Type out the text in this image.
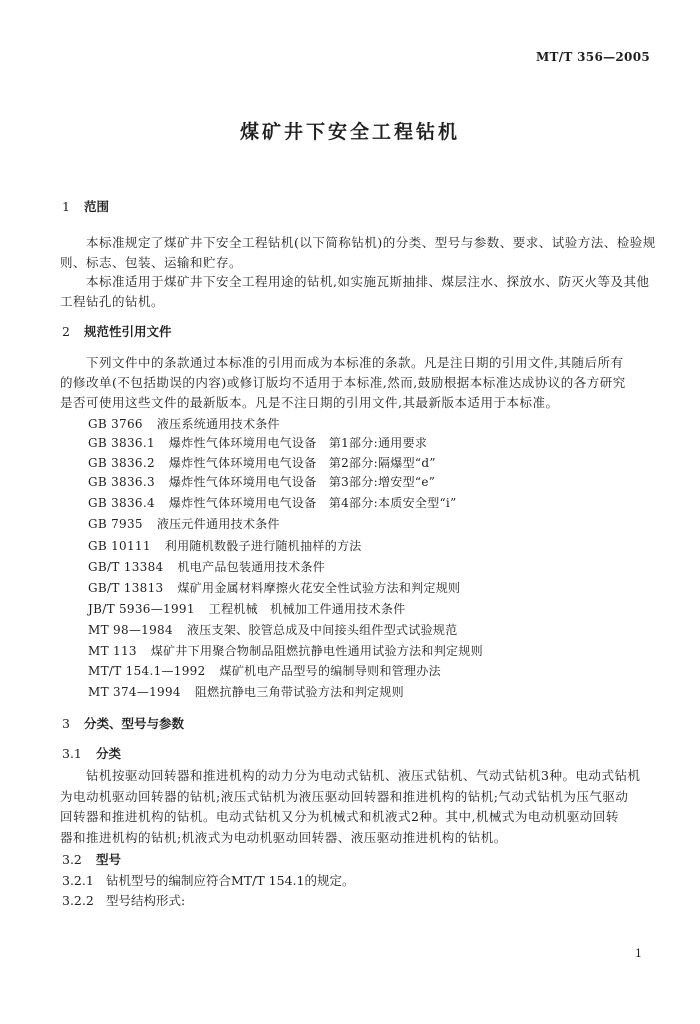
MT/T 356—2005
煤矿井下安全工程钻机
1 范围
本标准规定了煤矿井下安全工程钻机(以下简称钻机)的分类、型号与参数、要求、试验方法、检验规
则、标志、包装、运输和贮存。
本标准适用于煤矿井下安全工程用途的钻机,如实施瓦斯抽排、煤层注水、探放水、防灭火等及其他
工程钻孔的钻机。
2 规范性引用文件
下列文件中的条款通过本标准的引用而成为本标准的条款。凡是注日期的引用文件,其随后所有
的修改单(不包括勘误的内容)或修订版均不适用于本标准,然而,鼓励根据本标准达成协议的各方研究
是否可使用这些文件的最新版本。凡是不注日期的引用文件,其最新版本适用于本标准。
GB 3766 液压系统通用技术条件
GB 3836.1 爆炸性气体环境用电气设备　第1部分:通用要求
GB 3836.2 爆炸性气体环境用电气设备　第2部分:隔爆型“d”
GB 3836.3 爆炸性气体环境用电气设备　第3部分:增安型“e”
GB 3836.4 爆炸性气体环境用电气设备　第4部分:本质安全型“i”
GB 7935 液压元件通用技术条件
GB 10111 利用随机数骰子进行随机抽样的方法
GB/T 13384 机电产品包装通用技术条件
GB/T 13813 煤矿用金属材料摩擦火花安全性试验方法和判定规则
JB/T 5936—1991 工程机械　机械加工件通用技术条件
MT 98—1984 液压支架、胶管总成及中间接头组件型式试验规范
MT 113 煤矿井下用聚合物制品阻燃抗静电性通用试验方法和判定规则
MT/T 154.1—1992 煤矿机电产品型号的编制导则和管理办法
MT 374—1994 阻燃抗静电三角带试验方法和判定规则
3 分类、型号与参数
3.1 分类
钻机按驱动回转器和推进机构的动力分为电动式钻机、液压式钻机、气动式钻机3种。电动式钻机
为电动机驱动回转器的钻机;液压式钻机为液压驱动回转器和推进机构的钻机;气动式钻机为压气驱动
回转器和推进机构的钻机。电动式钻机又分为机械式和机液式2种。其中,机械式为电动机驱动回转
器和推进机构的钻机;机液式为电动机驱动回转器、液压驱动推进机构的钻机。
3.2 型号
3.2.1 钻机型号的编制应符合MT/T 154.1的规定。
3.2.2 型号结构形式:
1
